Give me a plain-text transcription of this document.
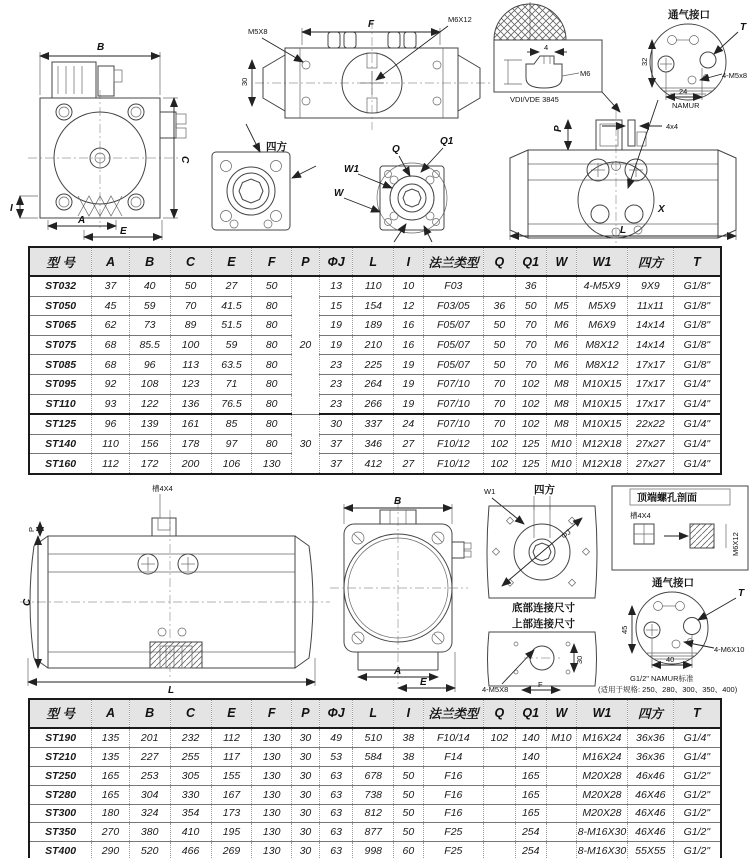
B
C
A
E
I
F
M5X8
M6X12
30
四方	Q
Q1
W1
W
4
M6
VDI/VDE 3845
通气接口
32
24
NAMUR
T
4-M5x8
4x4
P
X
L
型 号	A	B	C	E	F	P	ΦJ	L	I	法兰类型	Q	Q1	W	W1	四方	T
ST032	37	40	50	27	50	20	13	110	10	F03		36		4-M5X9	9X9	G1/8"
ST050	45	59	70	41.5	80		15	154	12	F03/05	36	50	M5	M5X9	11x11	G1/8"
ST065	62	73	89	51.5	80		19	189	16	F05/07	50	70	M6	M6X9	14x14	G1/8"
ST075	68	85.5	100	59	80		19	210	16	F05/07	50	70	M6	M8X12	14x14	G1/8"
ST085	68	96	113	63.5	80		23	225	19	F05/07	50	70	M6	M8X12	17x17	G1/8"
ST095	92	108	123	71	80		23	264	19	F07/10	70	102	M8	M10X15	17x17	G1/4"
ST110	93	122	136	76.5	80		23	266	19	F07/10	70	102	M8	M10X15	17x17	G1/4"
ST125	96	139	161	85	80	30	30	337	24	F07/10	70	102	M8	M10X15	22x22	G1/4"
ST140	110	156	178	97	80		37	346	27	F10/12	102	125	M10	M12X18	27x27	G1/4"
ST160	112	172	200	106	130		37	412	27	F10/12	102	125	M10	M12X18	27x27	G1/4"
槽4X4
P
C
L
B
A
E
四方
W1
ΦJ
底部连接尺寸
上部连接尺寸
30
4-M5X8
F
顶端螺孔剖面
槽4X4
M6X12
通气接口
45
40
T
4-M6X10
G1/2" NAMUR标准
(适用于规格: 250、280、300、350、400)
型 号	A	B	C	E	F	P	ΦJ	L	I	法兰类型	Q	Q1	W	W1	四方	T
ST190	135	201	232	112	130	30	49	510	38	F10/14	102	140	M10	M16X24	36x36	G1/4"
ST210	135	227	255	117	130	30	53	584	38	F14		140		M16X24	36x36	G1/4"
ST250	165	253	305	155	130	30	63	678	50	F16		165		M20X28	46x46	G1/2"
ST280	165	304	330	167	130	30	63	738	50	F16		165		M20X28	46X46	G1/2"
ST300	180	324	354	173	130	30	63	812	50	F16		165		M20X28	46X46	G1/2"
ST350	270	380	410	195	130	30	63	877	50	F25		254		8-M16X30	46X46	G1/2"
ST400	290	520	466	269	130	30	63	998	60	F25		254		8-M16X30	55X55	G1/2"
